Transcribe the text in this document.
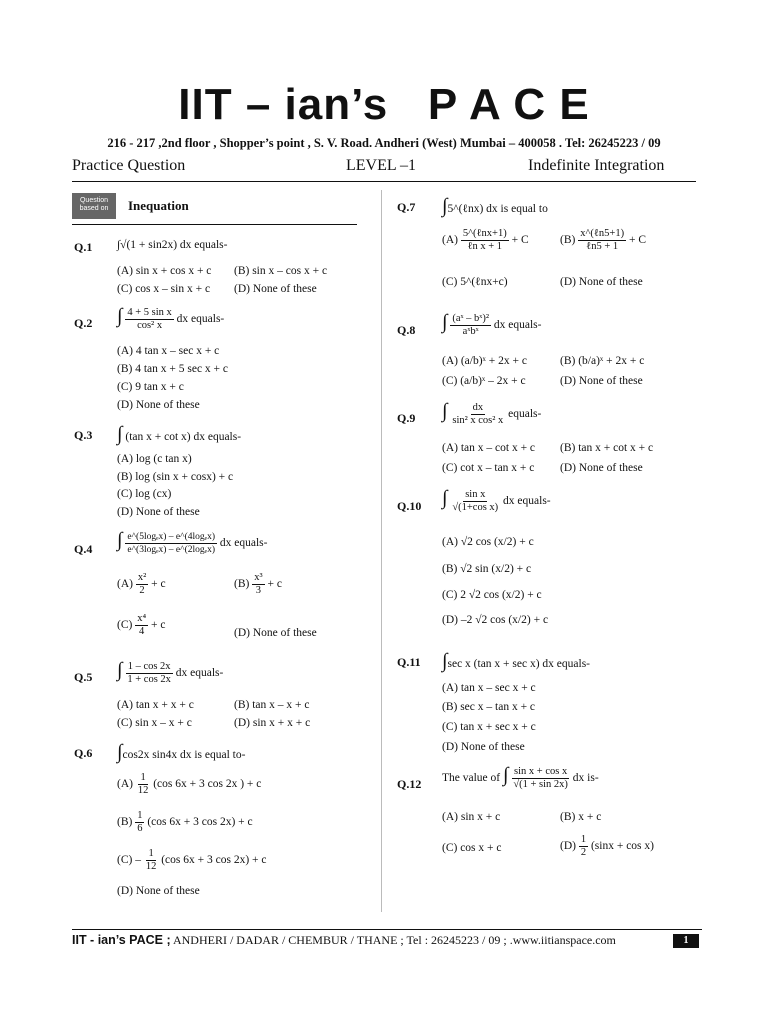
IIT – ian’s   P A C E
216 - 217 ,2nd floor , Shopper’s point , S. V. Road. Andheri (West) Mumbai – 400058 . Tel: 26245223 / 09
Practice Question	LEVEL –1	Indefinite Integration
Question based on	Inequation
Q.1 ∫√(1 + sin2x) dx equals-
(A) sin x + cos x + c (B) sin x – cos x + c
(C) cos x – sin x + c (D) None of these
Q.2 ∫ $\frac{\text{4 + 5 sin x}}{\text{cos² x}}$ dx equals-
(A) 4 tan x – sec x + c
(B) 4 tan x + 5 sec x + c
(C) 9 tan x + c
(D) None of these
Q.3 ∫ (tan x + cot x) dx equals-
(A) log (c tan x)
(B) log (sin x + cosx) + c
(C) log (cx)
(D) None of these
Q.4 ∫ $\frac{\text{e\textasciicircum{}(5logₑx) – e\textasciicircum{}(4logₑx)}}{\text{e\textasciicircum{}(3logₑx) – e\textasciicircum{}(2logₑx)}}$ dx equals-
$(A) \frac{\text{x²}}{2} + c$	$(B) \frac{\text{x³}}{3} + c$
$(C) \frac{\text{x⁴}}{4} + c$
(D) None of these
Q.5 ∫ $\frac{1 - \cos 2x}{1 + \cos 2x}$ dx equals-
(A) tan x + x + c	(B) tan x – x + c
(C) sin x – x + c	(D) sin x + x + c
Q.6 ∫cos2x sin4x dx is equal to-
$(A) \frac{1}{12} (\cos$ 6x + 3 cos 2x ) + c
$(B) \frac{1}{6} (\cos$ 6x + 3 cos 2x) + c
$(C) - \frac{1}{12} (\cos$ 6x + 3 cos 2x) + c
(D) None of these
Q.7 ∫5^(ℓnx) dx is equal to
(A)
5^(ℓnx+1)
ℓn x + 1
+ C	(B)
x^(ℓn5+1)
ℓn5 + 1
+ C
(C) 5^(ℓnx+c)	(D) None of these
Q.8 ∫ (aˣ – bˣ)²
aˣbˣ
dx equals-
(A) (a/b)ˣ + 2x + c	(B) (b/a)ˣ + 2x + c
(C) (a/b)ˣ – 2x + c	(D) None of these
Q.9 ∫ $\frac{dx}{\text{sin² x cos² x}}$ equals-
(A) tan x – cot x + c (B) tan x + cot x + c
(C) cot x – tan x + c (D) None of these
Q.10 ∫ $\frac{\text{sin x}}{\text{√(1+cos x)}}$ dx equals-
(A) √2 cos (x/2) + c
(B) √2 sin (x/2) + c
(C) 2 √2 cos (x/2) + c
(D) –2 √2 cos (x/2) + c
Q.11 ∫sec x (tan x + sec x) dx equals-
(A) tan x – sec x + c
(B) sec x – tan x + c
(C) tan x + sec x + c
(D) None of these
Q.12 The value of ∫ $\frac{\text{sin x + cos x}}{√(1 + \sin 2x)}$ dx is-
(A) sin x + c	(B) x + c
(C) cos x + c	$(D) \frac{1}{2} (\sin x + \cos x)$
IIT - ian’s PACE ; ANDHERI / DADAR / CHEMBUR / THANE ; Tel : 26245223 / 09 ; .www.iitianspace.com	1
